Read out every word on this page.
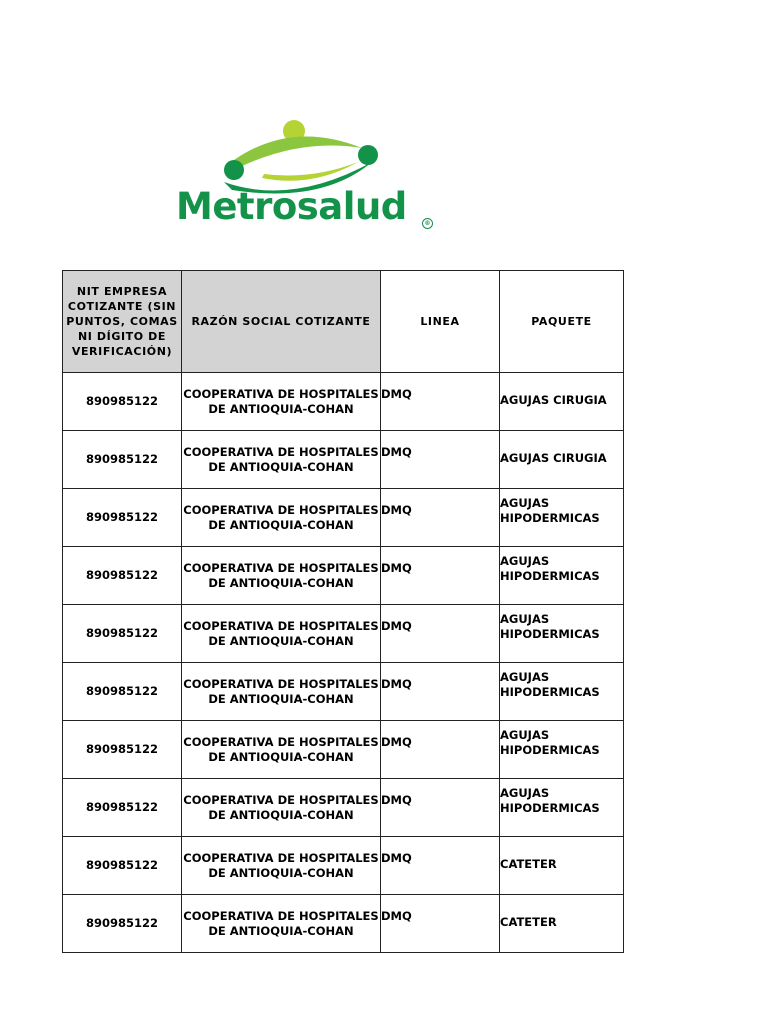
Metrosalud	®
NIT EMPRESA COTIZANTE (SIN PUNTOS, COMAS NI DÍGITO DE VERIFICACIÓN)	RAZÓN SOCIAL COTIZANTE	LINEA	PAQUETE
890985122	COOPERATIVA DE HOSPITALES DE ANTIOQUIA-COHAN	DMQ	AGUJAS CIRUGIA

890985122	COOPERATIVA DE HOSPITALES DE ANTIOQUIA-COHAN	DMQ	AGUJAS CIRUGIA

890985122	COOPERATIVA DE HOSPITALES DE ANTIOQUIA-COHAN	DMQ	AGUJAS HIPODERMICAS

890985122	COOPERATIVA DE HOSPITALES DE ANTIOQUIA-COHAN	DMQ	AGUJAS HIPODERMICAS

890985122	COOPERATIVA DE HOSPITALES DE ANTIOQUIA-COHAN	DMQ	AGUJAS HIPODERMICAS

890985122	COOPERATIVA DE HOSPITALES DE ANTIOQUIA-COHAN	DMQ	AGUJAS HIPODERMICAS

890985122	COOPERATIVA DE HOSPITALES DE ANTIOQUIA-COHAN	DMQ	AGUJAS HIPODERMICAS

890985122	COOPERATIVA DE HOSPITALES DE ANTIOQUIA-COHAN	DMQ	AGUJAS HIPODERMICAS

890985122	COOPERATIVA DE HOSPITALES DE ANTIOQUIA-COHAN	DMQ	CATETER

890985122	COOPERATIVA DE HOSPITALES DE ANTIOQUIA-COHAN	DMQ	CATETER
